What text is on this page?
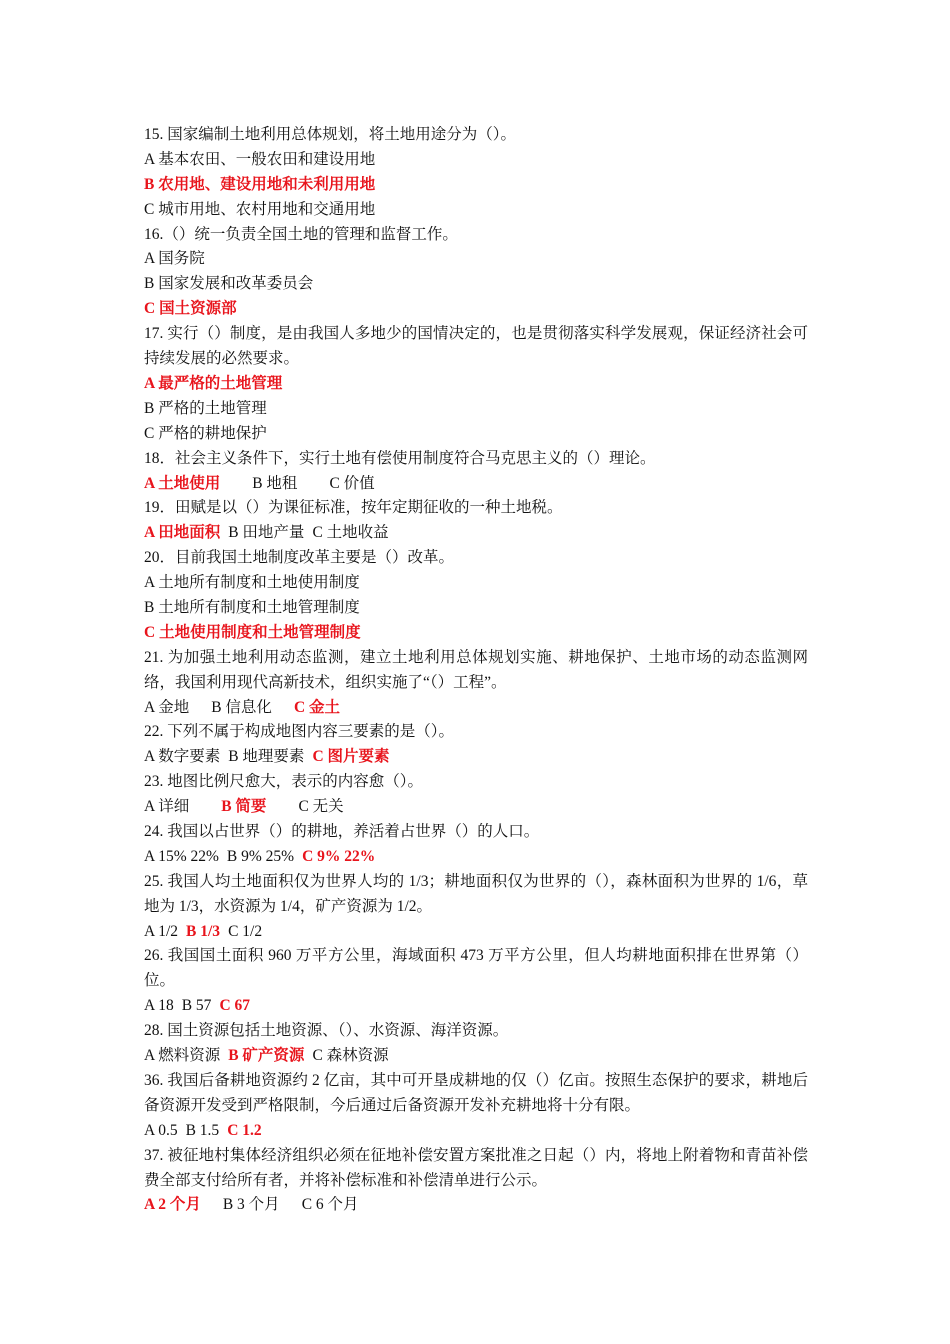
15. 国家编制土地利用总体规划，将土地用途分为（）。
A 基本农田、一般农田和建设用地
B 农用地、建设用地和未利用用地
C 城市用地、农村用地和交通用地
16.（）统一负责全国土地的管理和监督工作。
A 国务院
B 国家发展和改革委员会
C 国土资源部
17. 实行（）制度，是由我国人多地少的国情决定的，也是贯彻落实科学发展观，保证经济社会可持续发展的必然要求。
A 最严格的土地管理
B 严格的土地管理
C 严格的耕地保护
18．社会主义条件下，实行土地有偿使用制度符合马克思主义的（）理论。
A 土地使用 B 地租 C 价值
19．田赋是以（）为课征标准，按年定期征收的一种土地税。
A 田地面积 B 田地产量 C 土地收益
20．目前我国土地制度改革主要是（）改革。
A 土地所有制度和土地使用制度
B 土地所有制度和土地管理制度
C 土地使用制度和土地管理制度
21. 为加强土地利用动态监测，建立土地利用总体规划实施、耕地保护、土地市场的动态监测网络，我国利用现代高新技术，组织实施了“（）工程”。
A 金地 B 信息化 C 金土
22. 下列不属于构成地图内容三要素的是（）。
A 数字要素 B 地理要素 C 图片要素
23. 地图比例尺愈大，表示的内容愈（）。
A 详细 B 简要 C 无关
24. 我国以占世界（）的耕地，养活着占世界（）的人口。
A 15% 22% B 9% 25% C 9% 22%
25. 我国人均土地面积仅为世界人均的 1/3；耕地面积仅为世界的（），森林面积为世界的 1/6，草地为 1/3，水资源为 1/4，矿产资源为 1/2。
A 1/2 B 1/3 C 1/2
26. 我国国土面积 960 万平方公里，海域面积 473 万平方公里，但人均耕地面积排在世界第（）位。
A 18 B 57 C 67
28. 国土资源包括土地资源、（）、水资源、海洋资源。
A 燃料资源 B 矿产资源 C 森林资源
36. 我国后备耕地资源约 2 亿亩，其中可开垦成耕地的仅（）亿亩。按照生态保护的要求，耕地后备资源开发受到严格限制，今后通过后备资源开发补充耕地将十分有限。
A 0.5 B 1.5 C 1.2
37. 被征地村集体经济组织必须在征地补偿安置方案批准之日起（）内，将地上附着物和青苗补偿费全部支付给所有者，并将补偿标准和补偿清单进行公示。
A 2 个月 B 3 个月 C 6 个月
